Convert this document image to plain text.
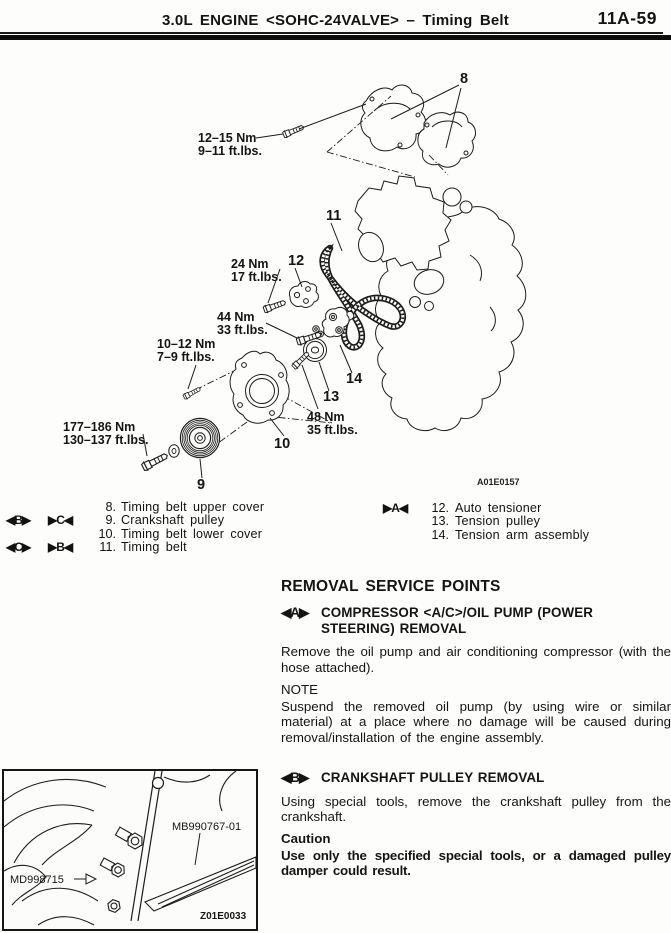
3.0L ENGINE <SOHC-24VALVE> – Timing Belt	11A-59
12–15 Nm
9–11 ft.lbs.
8
11
12
24 Nm
17 ft.lbs.
44 Nm
33 ft.lbs.
10–12 Nm
7–9 ft.lbs.
14
13
48 Nm
35 ft.lbs.
10
177–186 Nm
130–137 ft.lbs.
9	A01E0157
8. Timing belt upper cover
◀B▶	▶C◀	9. Crankshaft pulley
10. Timing belt lower cover
◀C▶	▶B◀	11. Timing belt
▶A◀	12. Auto tensioner
13. Tension pulley
14. Tension arm assembly
REMOVAL SERVICE POINTS
◀A▶ COMPRESSOR <A/C>/OIL PUMP (POWER STEERING) REMOVAL

Remove the oil pump and air conditioning compressor (with the hose attached).

NOTE

Suspend the removed oil pump (by using wire or similar material) at a place where no damage will be caused during removal/installation of the engine assembly.

◀B▶ CRANKSHAFT PULLEY REMOVAL

Using special tools, remove the crankshaft pulley from the crankshaft.

Caution

Use only the specified special tools, or a damaged pulley damper could result.

MB990767-01
MD998715
Z01E0033
